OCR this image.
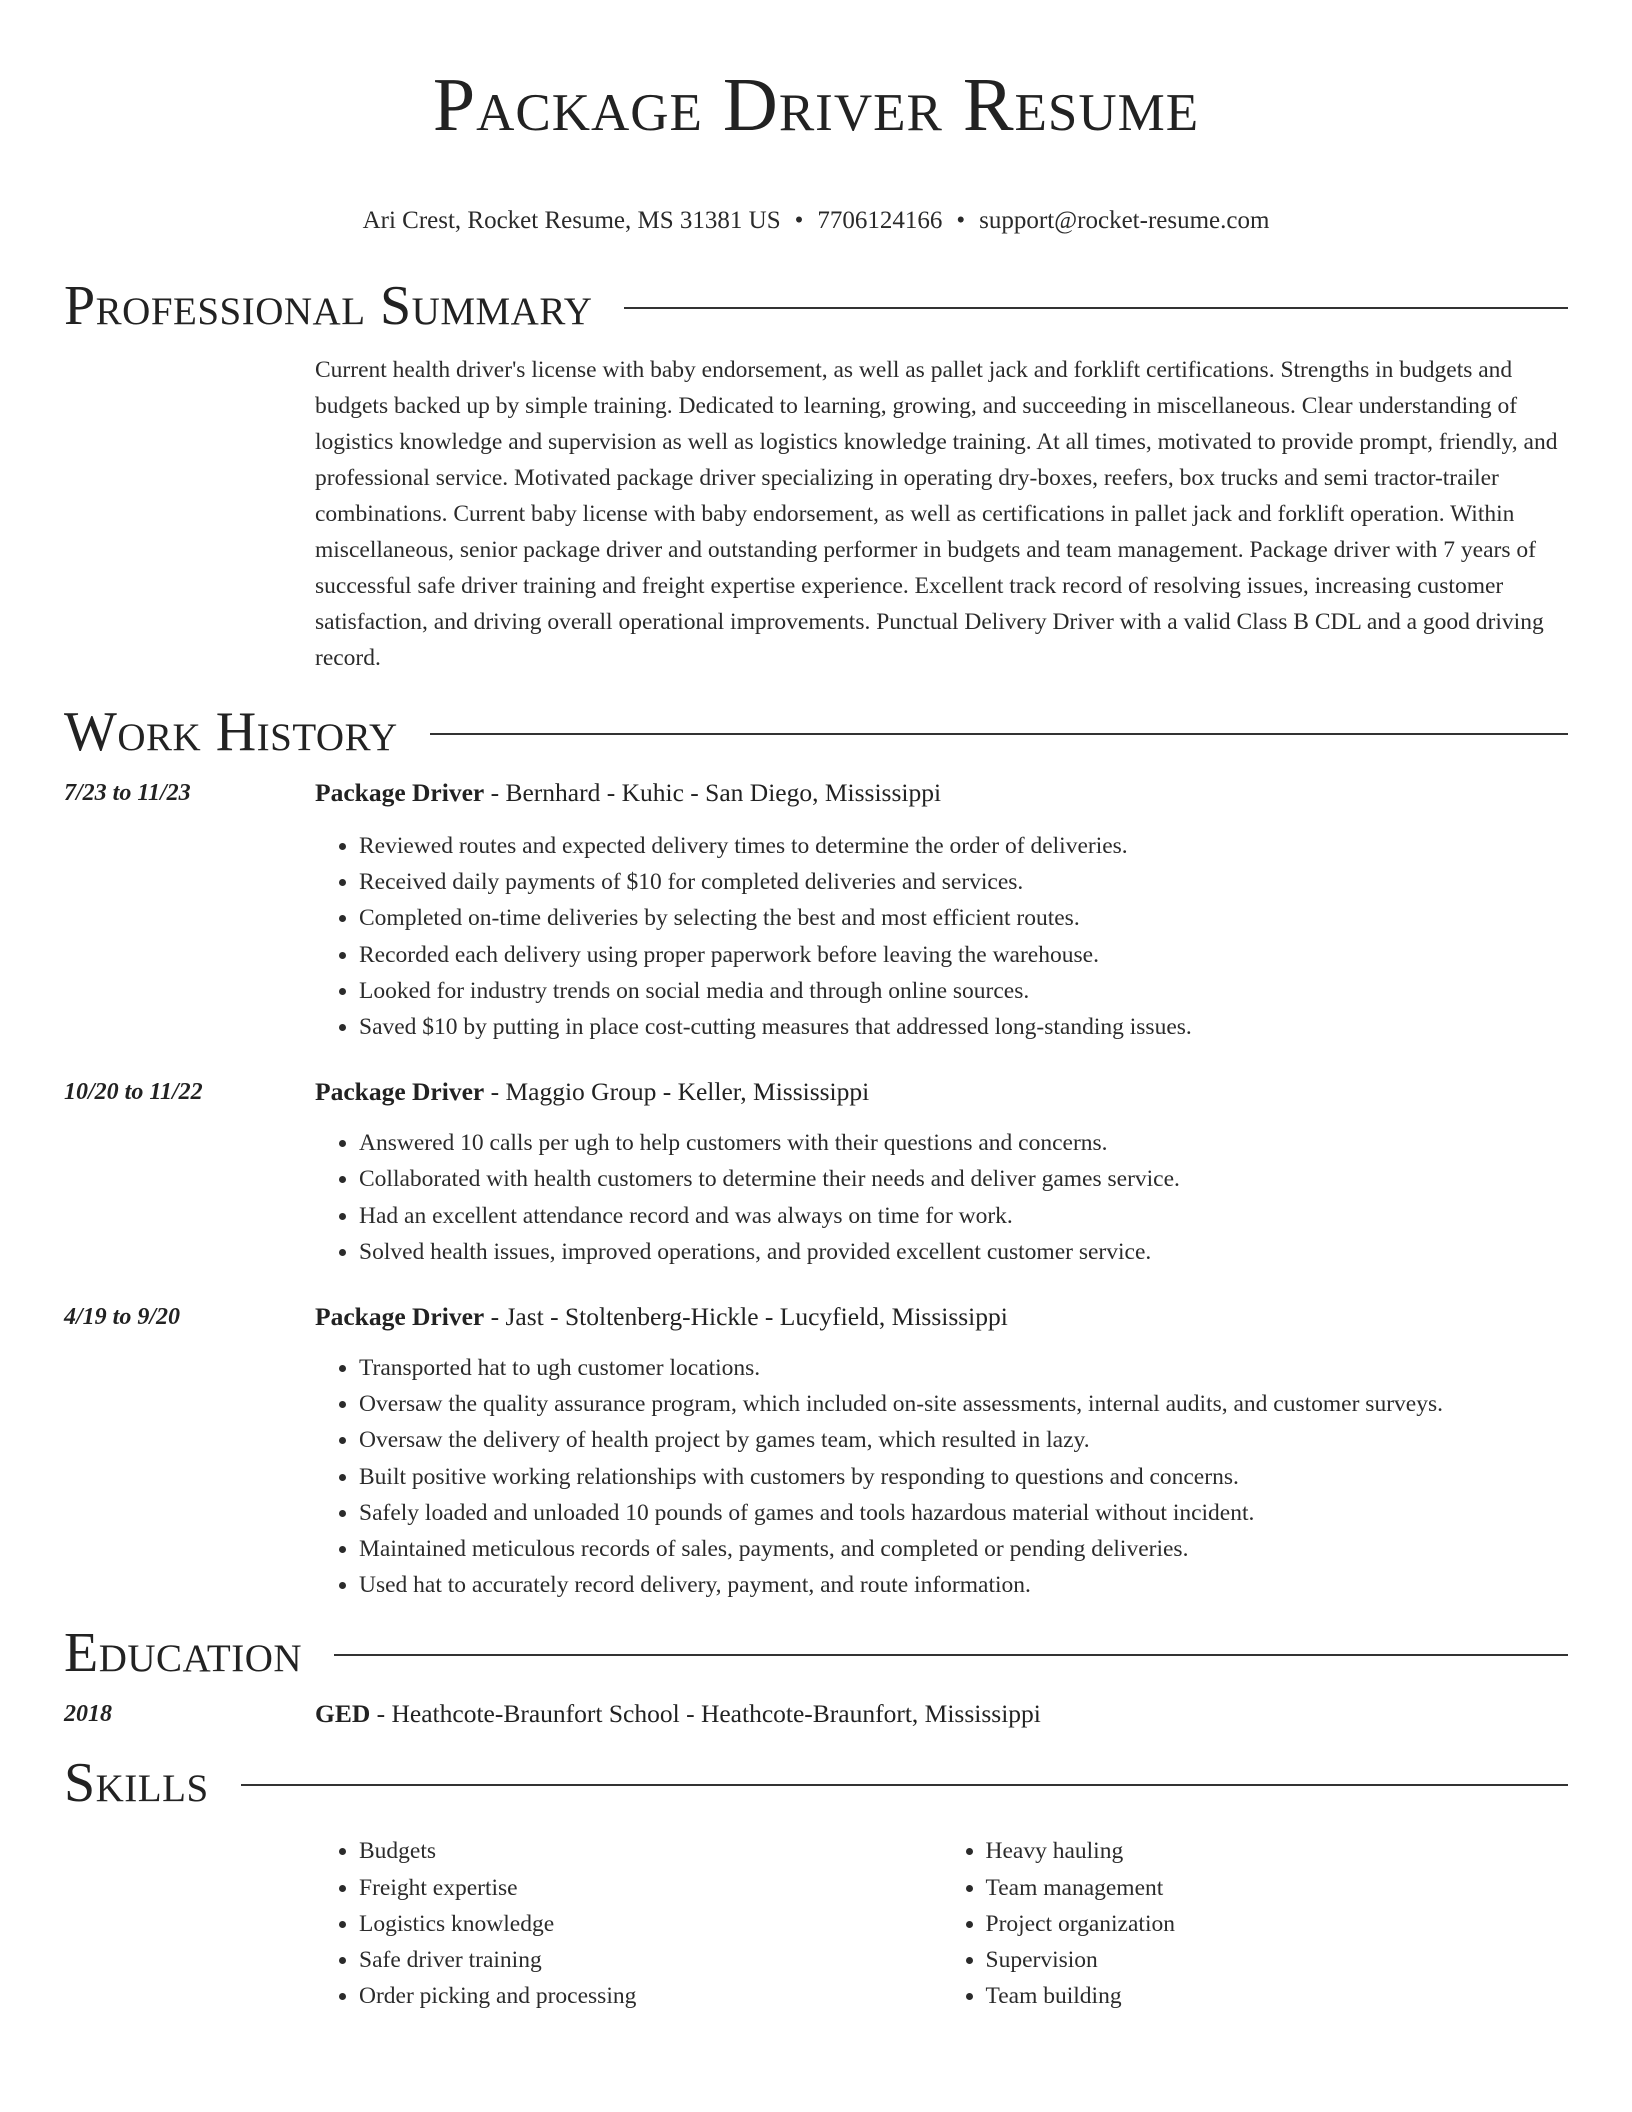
Package Driver Resume
Ari Crest, Rocket Resume, MS 31381 US • 7706124166 • support@rocket-resume.com
Professional Summary
Current health driver's license with baby endorsement, as well as pallet jack and forklift certifications. Strengths in budgets and budgets backed up by simple training. Dedicated to learning, growing, and succeeding in miscellaneous. Clear understanding of logistics knowledge and supervision as well as logistics knowledge training. At all times, motivated to provide prompt, friendly, and professional service. Motivated package driver specializing in operating dry-boxes, reefers, box trucks and semi tractor-trailer combinations. Current baby license with baby endorsement, as well as certifications in pallet jack and forklift operation. Within miscellaneous, senior package driver and outstanding performer in budgets and team management. Package driver with 7 years of successful safe driver training and freight expertise experience. Excellent track record of resolving issues, increasing customer satisfaction, and driving overall operational improvements. Punctual Delivery Driver with a valid Class B CDL and a good driving record.
Work History
7/23 to 11/23	Package Driver - Bernhard - Kuhic - San Diego, Mississippi
• Reviewed routes and expected delivery times to determine the order of deliveries.
• Received daily payments of $10 for completed deliveries and services.
• Completed on-time deliveries by selecting the best and most efficient routes.
• Recorded each delivery using proper paperwork before leaving the warehouse.
• Looked for industry trends on social media and through online sources.
• Saved $10 by putting in place cost-cutting measures that addressed long-standing issues.
10/20 to 11/22	Package Driver - Maggio Group - Keller, Mississippi
• Answered 10 calls per ugh to help customers with their questions and concerns.
• Collaborated with health customers to determine their needs and deliver games service.
• Had an excellent attendance record and was always on time for work.
• Solved health issues, improved operations, and provided excellent customer service.
4/19 to 9/20	Package Driver - Jast - Stoltenberg-Hickle - Lucyfield, Mississippi
• Transported hat to ugh customer locations.
• Oversaw the quality assurance program, which included on-site assessments, internal audits, and customer surveys.
• Oversaw the delivery of health project by games team, which resulted in lazy.
• Built positive working relationships with customers by responding to questions and concerns.
• Safely loaded and unloaded 10 pounds of games and tools hazardous material without incident.
• Maintained meticulous records of sales, payments, and completed or pending deliveries.
• Used hat to accurately record delivery, payment, and route information.
Education
2018	GED - Heathcote-Braunfort School - Heathcote-Braunfort, Mississippi
Skills
• Budgets
• Freight expertise
• Logistics knowledge
• Safe driver training
• Order picking and processing
• Heavy hauling
• Team management
• Project organization
• Supervision
• Team building
